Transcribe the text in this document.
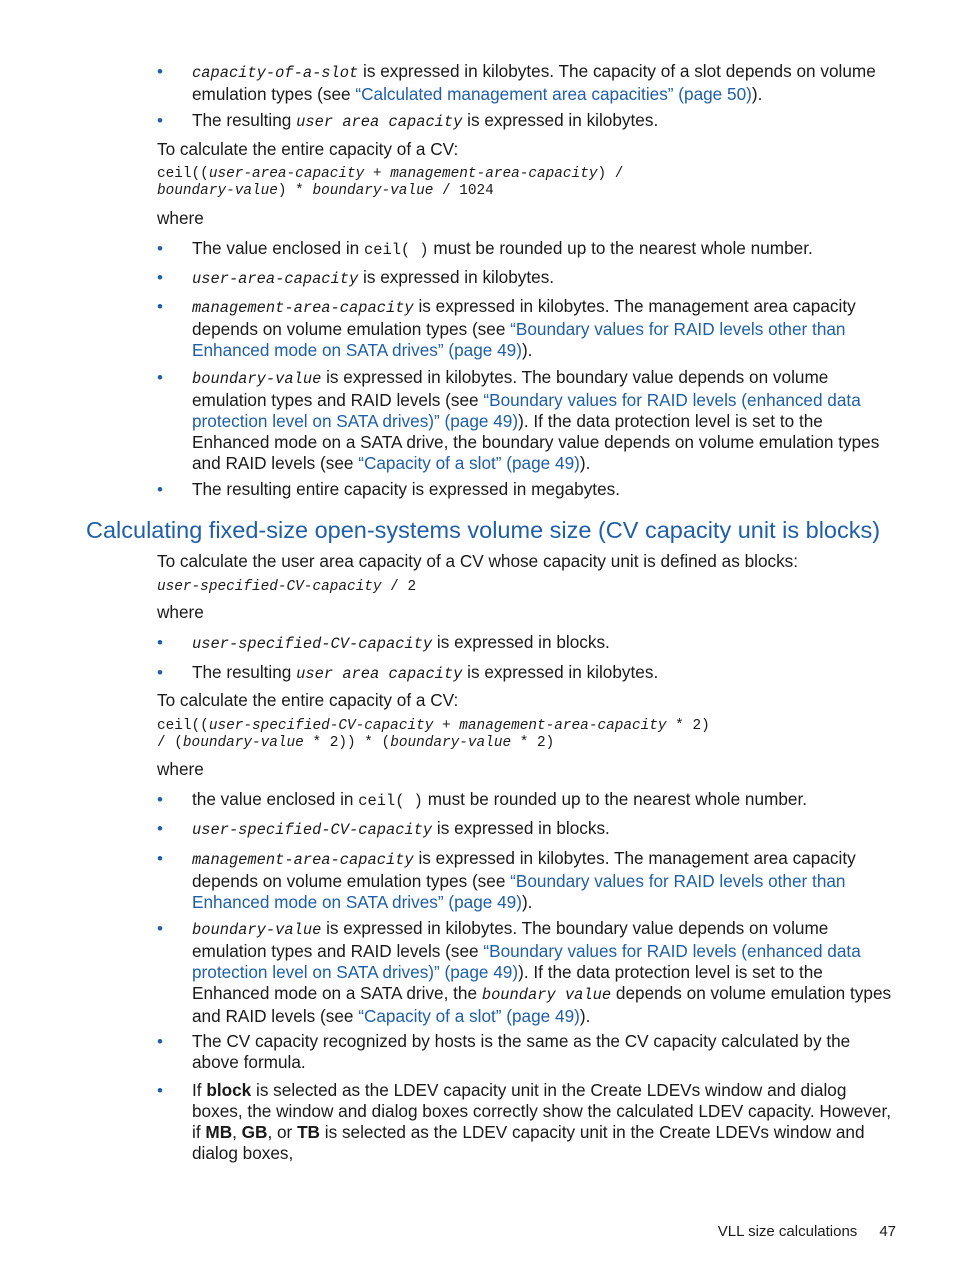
•	capacity-of-a-slot is expressed in kilobytes. The capacity of a slot depends on volume emulation types (see “Calculated management area capacities” (page 50)).
•	The resulting user area capacity is expressed in kilobytes.

To calculate the entire capacity of a CV:

ceil((user-area-capacity + management-area-capacity) /
boundary-value) * boundary-value / 1024

where

•	The value enclosed in ceil( ) must be rounded up to the nearest whole number.
•	user-area-capacity is expressed in kilobytes.
•	management-area-capacity is expressed in kilobytes. The management area capacity depends on volume emulation types (see “Boundary values for RAID levels other than Enhanced mode on SATA drives” (page 49)).
•	boundary-value is expressed in kilobytes. The boundary value depends on volume emulation types and RAID levels (see “Boundary values for RAID levels (enhanced data protection level on SATA drives)” (page 49)). If the data protection level is set to the Enhanced mode on a SATA drive, the boundary value depends on volume emulation types and RAID levels (see “Capacity of a slot” (page 49)).
•	The resulting entire capacity is expressed in megabytes.
Calculating fixed-size open-systems volume size (CV capacity unit is blocks)

To calculate the user area capacity of a CV whose capacity unit is defined as blocks:

user-specified-CV-capacity / 2

where

•	user-specified-CV-capacity is expressed in blocks.
•	The resulting user area capacity is expressed in kilobytes.

To calculate the entire capacity of a CV:

ceil((user-specified-CV-capacity + management-area-capacity * 2)
/ (boundary-value * 2)) * (boundary-value * 2)

where

•	the value enclosed in ceil( ) must be rounded up to the nearest whole number.
•	user-specified-CV-capacity is expressed in blocks.
•	management-area-capacity is expressed in kilobytes. The management area capacity depends on volume emulation types (see “Boundary values for RAID levels other than Enhanced mode on SATA drives” (page 49)).
•	boundary-value is expressed in kilobytes. The boundary value depends on volume emulation types and RAID levels (see “Boundary values for RAID levels (enhanced data protection level on SATA drives)” (page 49)). If the data protection level is set to the Enhanced mode on a SATA drive, the boundary value depends on volume emulation types and RAID levels (see “Capacity of a slot” (page 49)).
•	The CV capacity recognized by hosts is the same as the CV capacity calculated by the above formula.
•	If block is selected as the LDEV capacity unit in the Create LDEVs window and dialog boxes, the window and dialog boxes correctly show the calculated LDEV capacity. However, if MB, GB, or TB is selected as the LDEV capacity unit in the Create LDEVs window and dialog boxes,
VLL size calculations 47
